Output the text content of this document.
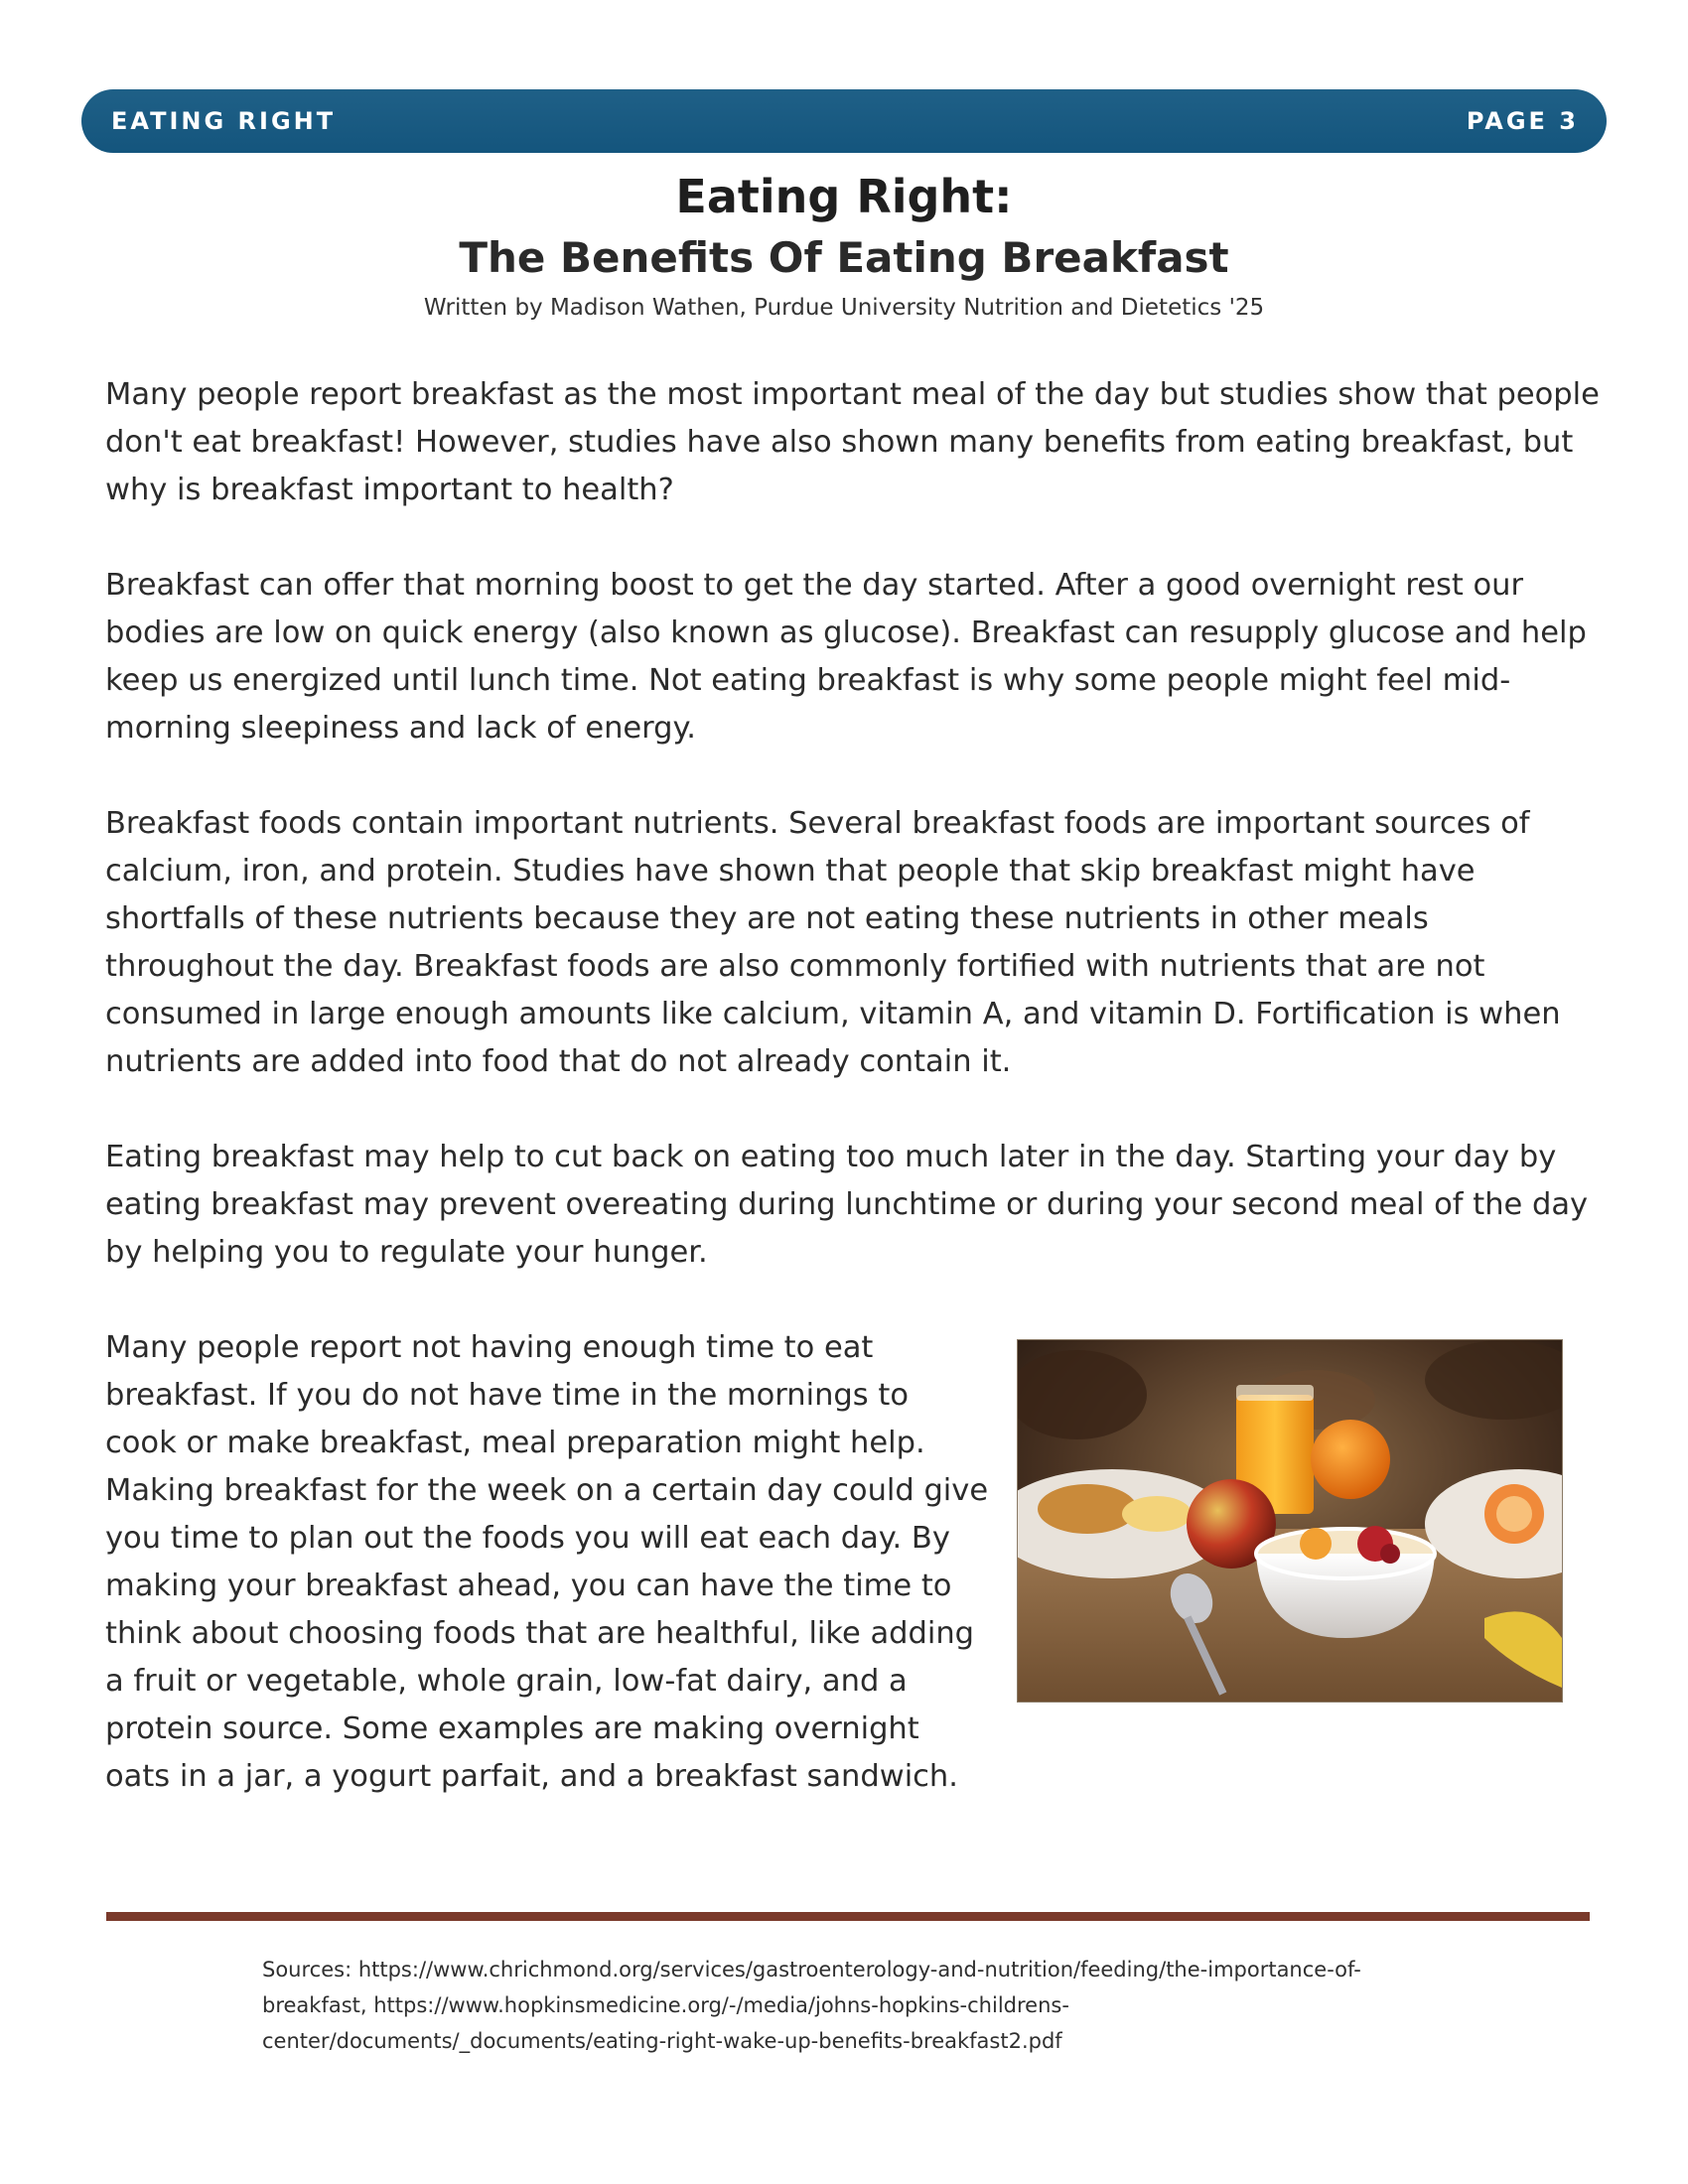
EATING RIGHT	PAGE 3
Eating Right:
The Benefits Of Eating Breakfast

Written by Madison Wathen, Purdue University Nutrition and Dietetics '25

Many people report breakfast as the most important meal of the day but studies show that people don't eat breakfast! However, studies have also shown many benefits from eating breakfast, but why is breakfast important to health?

Breakfast can offer that morning boost to get the day started. After a good overnight rest our bodies are low on quick energy (also known as glucose). Breakfast can resupply glucose and help keep us energized until lunch time. Not eating breakfast is why some people might feel mid-morning sleepiness and lack of energy.

Breakfast foods contain important nutrients. Several breakfast foods are important sources of calcium, iron, and protein. Studies have shown that people that skip breakfast might have shortfalls of these nutrients because they are not eating these nutrients in other meals throughout the day. Breakfast foods are also commonly fortified with nutrients that are not consumed in large enough amounts like calcium, vitamin A, and vitamin D. Fortification is when nutrients are added into food that do not already contain it.

Eating breakfast may help to cut back on eating too much later in the day. Starting your day by eating breakfast may prevent overeating during lunchtime or during your second meal of the day by helping you to regulate your hunger.

Many people report not having enough time to eat breakfast. If you do not have time in the mornings to cook or make breakfast, meal preparation might help. Making breakfast for the week on a certain day could give you time to plan out the foods you will eat each day. By making your breakfast ahead, you can have the time to think about choosing foods that are healthful, like adding a fruit or vegetable, whole grain, low-fat dairy, and a protein source. Some examples are making overnight oats in a jar, a yogurt parfait, and a breakfast sandwich.

Sources: https://www.chrichmond.org/services/gastroenterology-and-nutrition/feeding/the-importance-of-breakfast, https://www.hopkinsmedicine.org/-/media/johns-hopkins-childrens-center/documents/_documents/eating-right-wake-up-benefits-breakfast2.pdf
